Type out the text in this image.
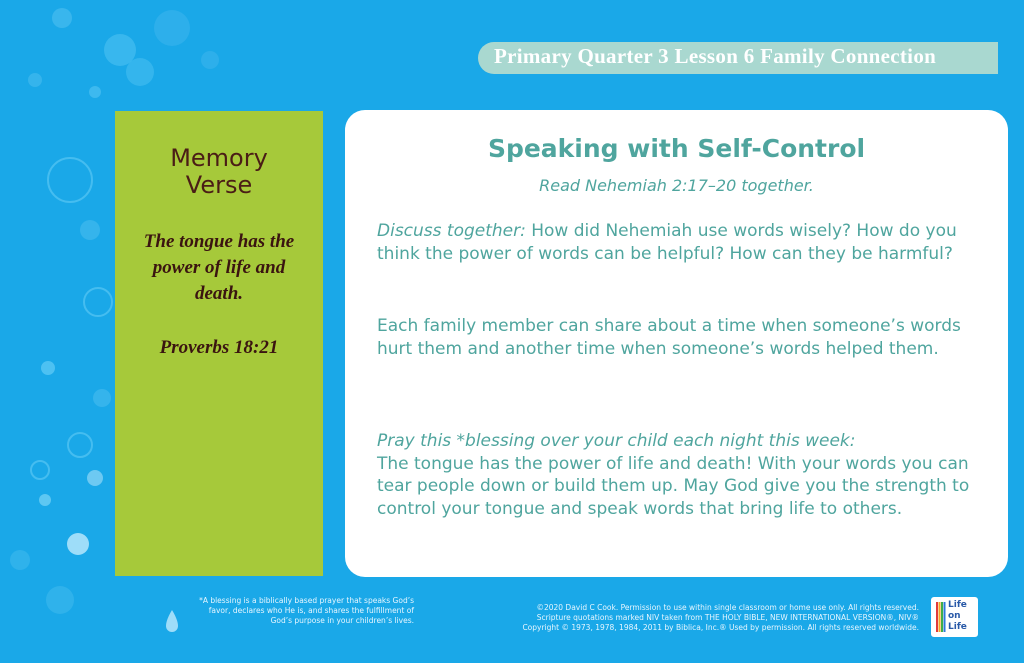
Primary Quarter 3 Lesson 6 Family Connection
Memory
Verse
The tongue has the power of life and death.
Proverbs 18:21
Speaking with Self-Control
Read Nehemiah 2:17–20 together.

Discuss together: How did Nehemiah use words wisely? How do you think the power of words can be helpful? How can they be harmful?

Each family member can share about a time when someone’s words hurt them and another time when someone’s words helped them.

Pray this *blessing over your child each night this week:
The tongue has the power of life and death! With your words you can tear people down or build them up. May God give you the strength to control your tongue and speak words that bring life to others.

*A blessing is a biblically based prayer that speaks God’s favor, declares who He is, and shares the fulfillment of God’s purpose in your children’s lives.
©2020 David C Cook. Permission to use within single classroom or home use only. All rights reserved.
Scripture quotations marked NIV taken from THE HOLY BIBLE, NEW INTERNATIONAL VERSION®, NIV®
Copyright © 1973, 1978, 1984, 2011 by Biblica, Inc.® Used by permission. All rights reserved worldwide.
Life
on
Life
